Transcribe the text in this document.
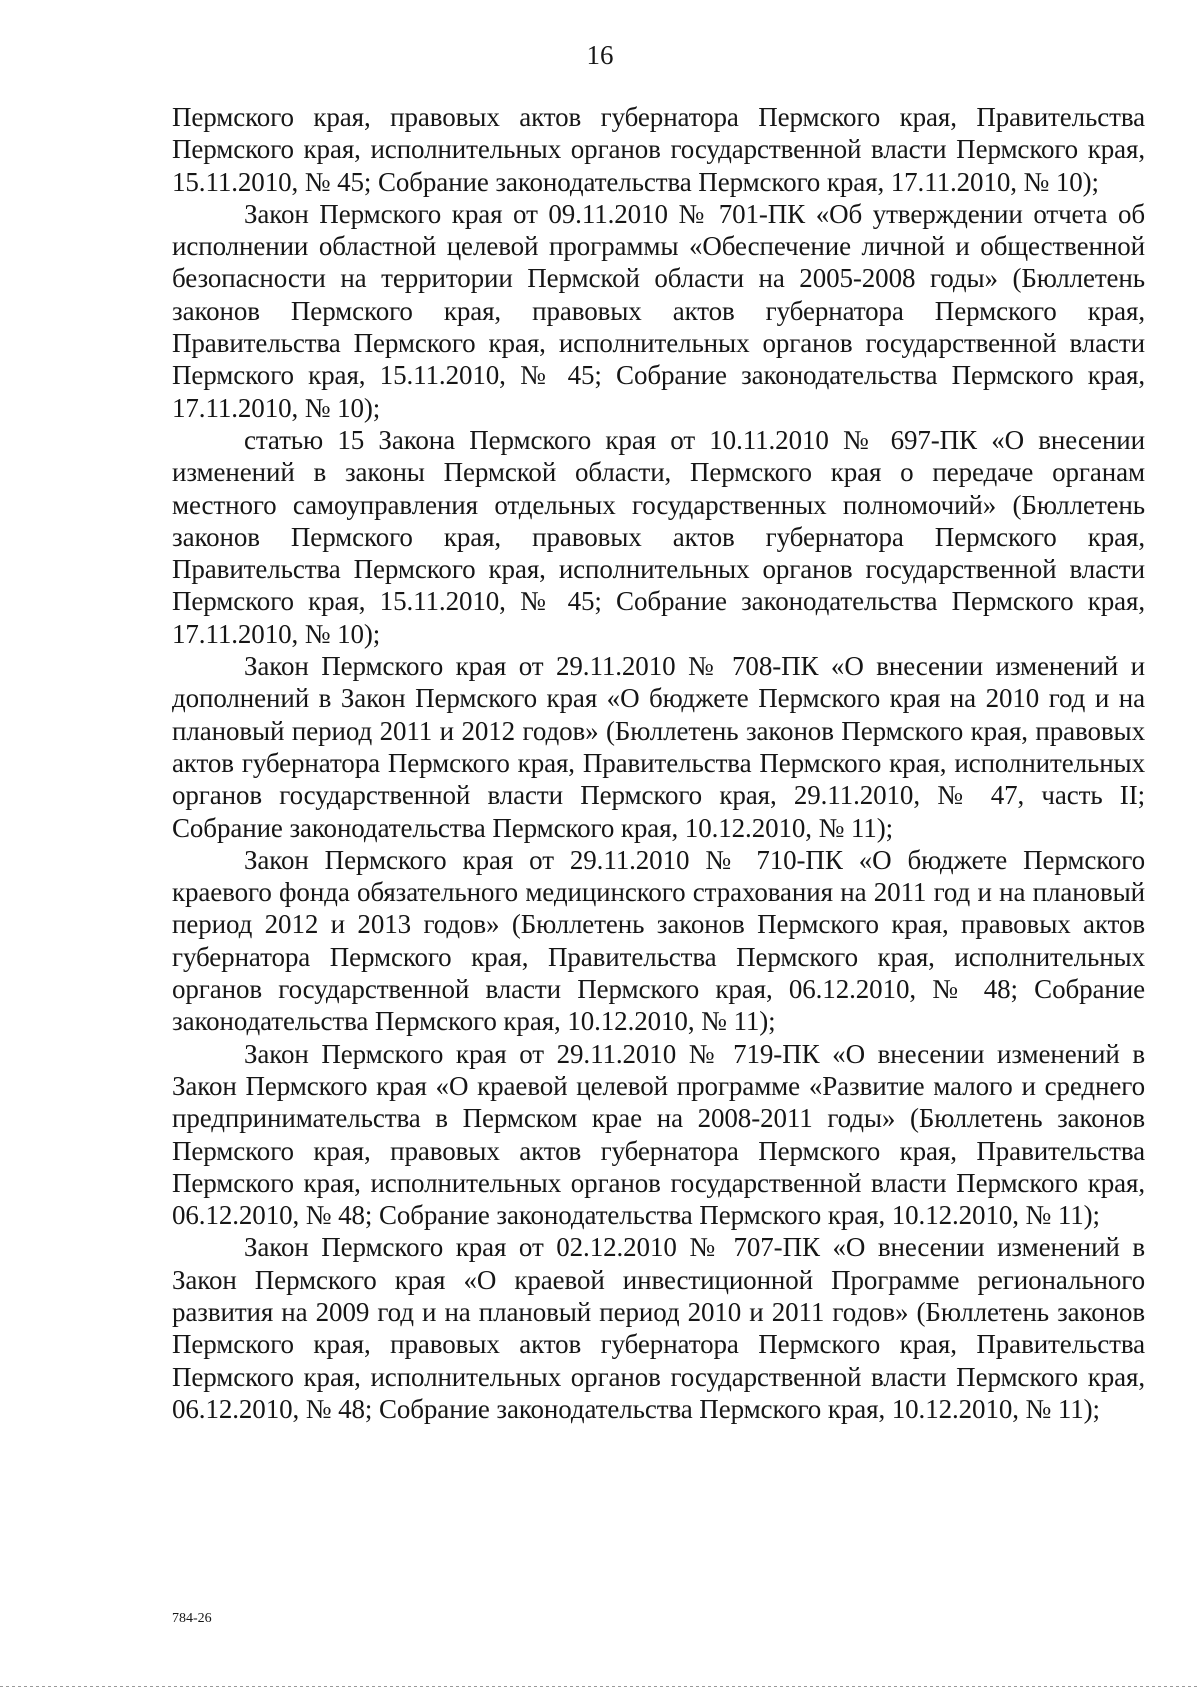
16

Пермского края, правовых актов губернатора Пермского края, Правительства Пермского края, исполнительных органов государственной власти Пермского края, 15.11.2010, № 45; Собрание законодательства Пермского края, 17.11.2010, № 10);

Закон Пермского края от 09.11.2010 № 701-ПК «Об утверждении отчета об исполнении областной целевой программы «Обеспечение личной и общественной безопасности на территории Пермской области на 2005-2008 годы» (Бюллетень законов Пермского края, правовых актов губернатора Пермского края, Правительства Пермского края, исполнительных органов государственной власти Пермского края, 15.11.2010, № 45; Собрание законодательства Пермского края, 17.11.2010, № 10);

статью 15 Закона Пермского края от 10.11.2010 № 697-ПК «О внесении изменений в законы Пермской области, Пермского края о передаче органам местного самоуправления отдельных государственных полномочий» (Бюллетень законов Пермского края, правовых актов губернатора Пермского края, Правительства Пермского края, исполнительных органов государственной власти Пермского края, 15.11.2010, № 45; Собрание законодательства Пермского края, 17.11.2010, № 10);

Закон Пермского края от 29.11.2010 № 708-ПК «О внесении изменений и дополнений в Закон Пермского края «О бюджете Пермского края на 2010 год и на плановый период 2011 и 2012 годов» (Бюллетень законов Пермского края, правовых актов губернатора Пермского края, Правительства Пермского края, исполнительных органов государственной власти Пермского края, 29.11.2010, № 47, часть II; Собрание законодательства Пермского края, 10.12.2010, № 11);

Закон Пермского края от 29.11.2010 № 710-ПК «О бюджете Пермского краевого фонда обязательного медицинского страхования на 2011 год и на плановый период 2012 и 2013 годов» (Бюллетень законов Пермского края, правовых актов губернатора Пермского края, Правительства Пермского края, исполнительных органов государственной власти Пермского края, 06.12.2010, № 48; Собрание законодательства Пермского края, 10.12.2010, № 11);

Закон Пермского края от 29.11.2010 № 719-ПК «О внесении изменений в Закон Пермского края «О краевой целевой программе «Развитие малого и среднего предпринимательства в Пермском крае на 2008-2011 годы» (Бюллетень законов Пермского края, правовых актов губернатора Пермского края, Правительства Пермского края, исполнительных органов государственной власти Пермского края, 06.12.2010, № 48; Собрание законодательства Пермского края, 10.12.2010, № 11);

Закон Пермского края от 02.12.2010 № 707-ПК «О внесении изменений в Закон Пермского края «О краевой инвестиционной Программе регионального развития на 2009 год и на плановый период 2010 и 2011 годов» (Бюллетень законов Пермского края, правовых актов губернатора Пермского края, Правительства Пермского края, исполнительных органов государственной власти Пермского края, 06.12.2010, № 48; Собрание законодательства Пермского края, 10.12.2010, № 11);

784-26
